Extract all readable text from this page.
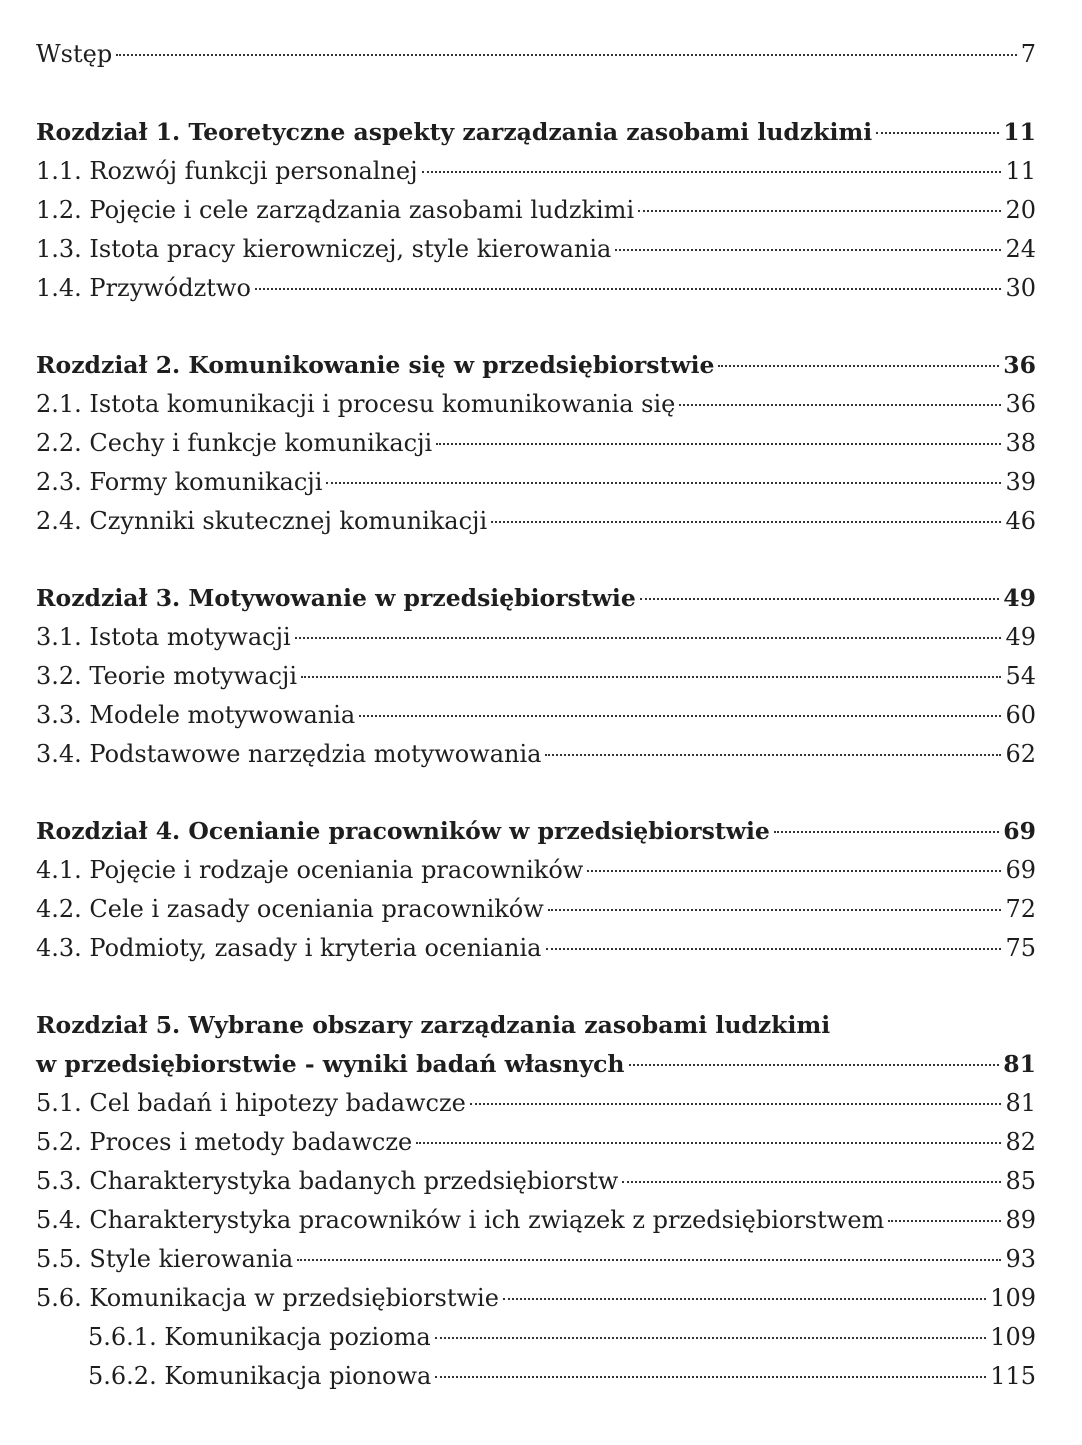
Wstęp	7
Rozdział 1. Teoretyczne aspekty zarządzania zasobami ludzkimi	11
1.1. Rozwój funkcji personalnej	11
1.2. Pojęcie i cele zarządzania zasobami ludzkimi	20
1.3. Istota pracy kierowniczej, style kierowania	24
1.4. Przywództwo	30
Rozdział 2. Komunikowanie się w przedsiębiorstwie	36
2.1. Istota komunikacji i procesu komunikowania się	36
2.2. Cechy i funkcje komunikacji	38
2.3. Formy komunikacji	39
2.4. Czynniki skutecznej komunikacji	46
Rozdział 3. Motywowanie w przedsiębiorstwie	49
3.1. Istota motywacji	49
3.2. Teorie motywacji	54
3.3. Modele motywowania	60
3.4. Podstawowe narzędzia motywowania	62
Rozdział 4. Ocenianie pracowników w przedsiębiorstwie	69
4.1. Pojęcie i rodzaje oceniania pracowników	69
4.2. Cele i zasady oceniania pracowników	72
4.3. Podmioty, zasady i kryteria oceniania	75
Rozdział 5. Wybrane obszary zarządzania zasobami ludzkimi
w przedsiębiorstwie - wyniki badań własnych	81
5.1. Cel badań i hipotezy badawcze	81
5.2. Proces i metody badawcze	82
5.3. Charakterystyka badanych przedsiębiorstw	85
5.4. Charakterystyka pracowników i ich związek z przedsiębiorstwem	89
5.5. Style kierowania	93
5.6. Komunikacja w przedsiębiorstwie	109
5.6.1. Komunikacja pozioma	109
5.6.2. Komunikacja pionowa	115
